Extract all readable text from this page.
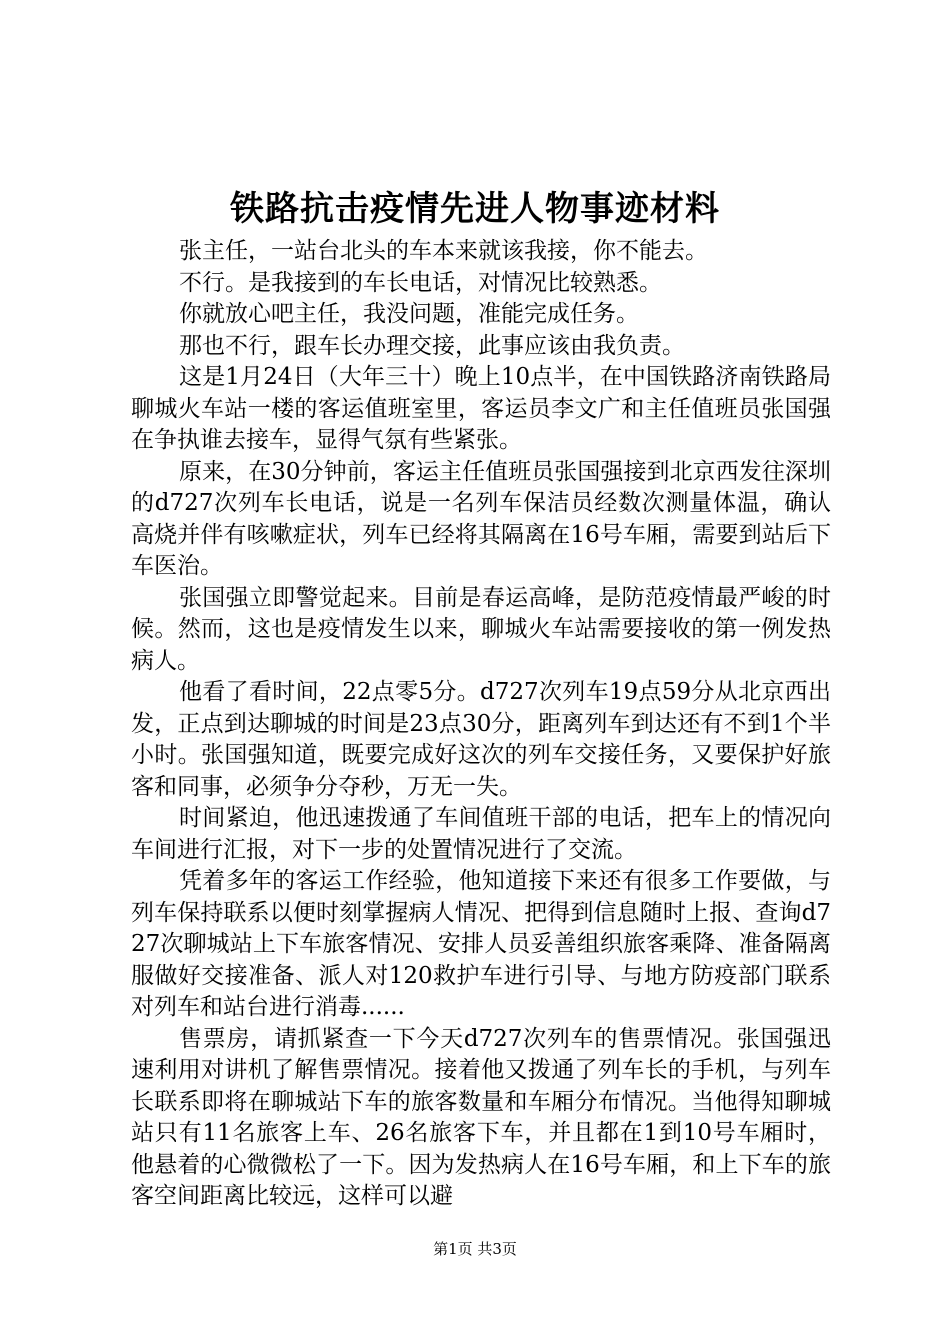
铁路抗击疫情先进人物事迹材料

张主任，一站台北头的车本来就该我接，你不能去。

不行。是我接到的车长电话，对情况比较熟悉。

你就放心吧主任，我没问题，准能完成任务。

那也不行，跟车长办理交接，此事应该由我负责。

这是1月24日（大年三十）晚上10点半，在中国铁路济南铁路局聊城火车站一楼的客运值班室里，客运员李文广和主任值班员张国强在争执谁去接车，显得气氛有些紧张。

原来，在30分钟前，客运主任值班员张国强接到北京西发往深圳的d727次列车长电话，说是一名列车保洁员经数次测量体温，确认高烧并伴有咳嗽症状，列车已经将其隔离在16号车厢，需要到站后下车医治。

张国强立即警觉起来。目前是春运高峰，是防范疫情最严峻的时候。然而，这也是疫情发生以来，聊城火车站需要接收的第一例发热病人。

他看了看时间，22点零5分。d727次列车19点59分从北京西出发，正点到达聊城的时间是23点30分，距离列车到达还有不到1个半小时。张国强知道，既要完成好这次的列车交接任务，又要保护好旅客和同事，必须争分夺秒，万无一失。

时间紧迫，他迅速拨通了车间值班干部的电话，把车上的情况向车间进行汇报，对下一步的处置情况进行了交流。

凭着多年的客运工作经验，他知道接下来还有很多工作要做，与列车保持联系以便时刻掌握病人情况、把得到信息随时上报、查询d727次聊城站上下车旅客情况、安排人员妥善组织旅客乘降、准备隔离服做好交接准备、派人对120救护车进行引导、与地方防疫部门联系对列车和站台进行消毒......

售票房，请抓紧查一下今天d727次列车的售票情况。张国强迅速利用对讲机了解售票情况。接着他又拨通了列车长的手机，与列车长联系即将在聊城站下车的旅客数量和车厢分布情况。当他得知聊城站只有11名旅客上车、26名旅客下车，并且都在1到10号车厢时，他悬着的心微微松了一下。因为发热病人在16号车厢，和上下车的旅客空间距离比较远，这样可以避

第1页 共3页
